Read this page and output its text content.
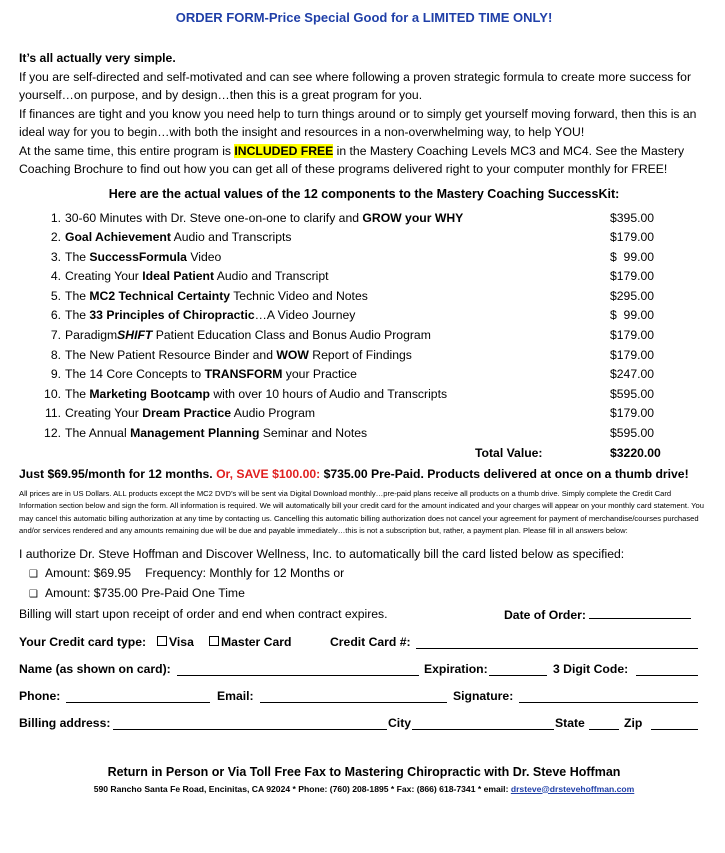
ORDER FORM-Price Special Good for a LIMITED TIME ONLY!

It’s all actually very simple.

If you are self-directed and self-motivated and can see where following a proven strategic formula to create more success for yourself…on purpose, and by design…then this is a great program for you.

If finances are tight and you know you need help to turn things around or to simply get yourself moving forward, then this is an ideal way for you to begin…with both the insight and resources in a non-overwhelming way, to help YOU!

At the same time, this entire program is INCLUDED FREE in the Mastery Coaching Levels MC3 and MC4. See the Mastery Coaching Brochure to find out how you can get all of these programs delivered right to your computer monthly for FREE!

Here are the actual values of the 12 components to the Mastery Coaching SuccessKit:
1. 30-60 Minutes with Dr. Steve one-on-one to clarify and GROW your WHY	$395.00
2. Goal Achievement Audio and Transcripts	$179.00
3. The SuccessFormula Video	$  99.00
4. Creating Your Ideal Patient Audio and Transcript	$179.00
5. The MC2 Technical Certainty Technic Video and Notes	$295.00
6. The 33 Principles of Chiropractic…A Video Journey	$  99.00
7. ParadigmSHIFT Patient Education Class and Bonus Audio Program	$179.00
8. The New Patient Resource Binder and WOW Report of Findings	$179.00
9. The 14 Core Concepts to TRANSFORM your Practice	$247.00
10. The Marketing Bootcamp with over 10 hours of Audio and Transcripts	$595.00
11. Creating Your Dream Practice Audio Program	$179.00
12. The Annual Management Planning Seminar and Notes	$595.00
Total Value:	$3220.00
Just $69.95/month for 12 months. Or, SAVE $100.00: $735.00 Pre-Paid. Products delivered at once on a thumb drive!
All prices are in US Dollars. ALL products except the MC2 DVD’s will be sent via Digital Download monthly…pre-paid plans receive all products on a thumb drive. Simply complete the Credit Card Information section below and sign the form. All information is required. We will automatically bill your credit card for the amount indicated and your charges will appear on your monthly card statement. You may cancel this automatic billing authorization at any time by contacting us. Cancelling this automatic billing authorization does not cancel your agreement for payment of merchandise/courses purchased and/or services rendered and any amounts remaining due will be due and payable immediately…this is not a subscription but, rather, a payment plan. Please fill in all answers below:
I authorize Dr. Steve Hoffman and Discover Wellness, Inc. to automatically bill the card listed below as specified:
❑ Amount: $69.95 Frequency: Monthly for 12 Months or
❑ Amount: $735.00 Pre-Paid One Time
Billing will start upon receipt of order and end when contract expires.	Date of Order:
Your Credit card type:	Visa	Master Card	Credit Card #:
Name (as shown on card):	Expiration:	3 Digit Code:
Phone:	Email:	Signature:
Billing address:	City	State	Zip
Return in Person or Via Toll Free Fax to Mastering Chiropractic with Dr. Steve Hoffman
590 Rancho Santa Fe Road, Encinitas, CA 92024 * Phone: (760) 208-1895 * Fax: (866) 618-7341 * email: drsteve@drstevehoffman.com
